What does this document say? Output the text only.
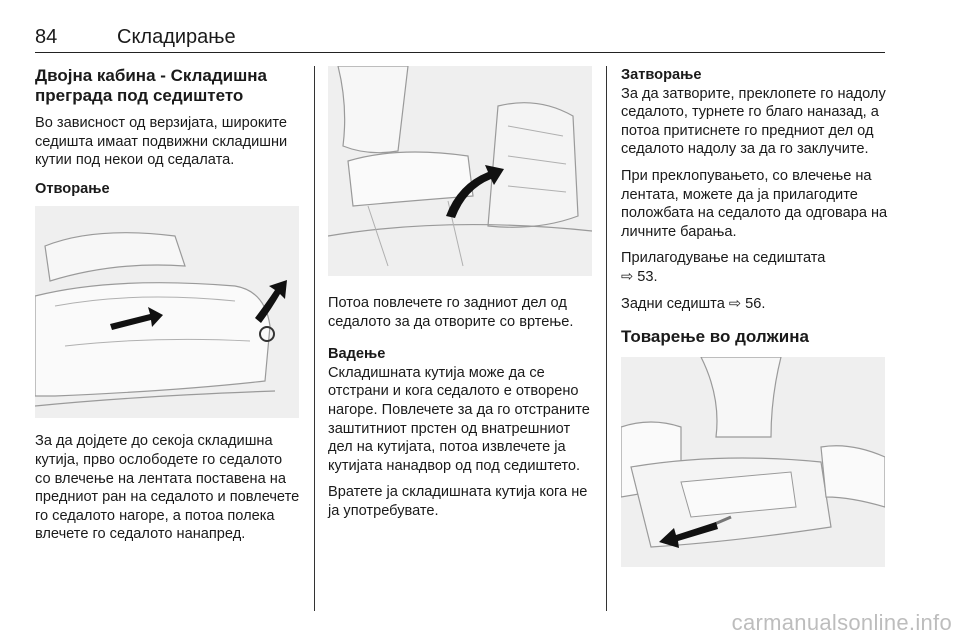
84	Складирање
Двојна кабина - Складишна преграда под седиштето

Во зависност од верзијата, широките седишта имаат подвижни складишни кутии под некои од седалата.

Отворање

За да дојдете до секоја складишна кутија, прво ослободете го седалото со влечење на лентата поставена на предниот ран на седалото и повлечете го седалото нагоре, а потоа полека влечете го седалото нанапред.

Потоа повлечете го задниот дел од седалото за да отворите со вртење.

Вадење

Складишната кутија може да се отстрани и кога седалото е отворено нагоре. Повлечете за да го отстраните заштитниот прстен од внатрешниот дел на кутијата, потоа извлечете ја кутијата нанадвор од под седиштето.

Вратете ја складишната кутија кога не ја употребувате.

Затворање

За да затворите, преклопете го надолу седалото, турнете го благо наназад, а потоа притиснете го предниот дел од седалото надолу за да го заклучите.

При преклопувањето, со влечење на лентата, можете да ја прилагодите положбата на седалото да одговара на личните барања.

Прилагодување на седиштата
⇨ 53.

Задни седишта ⇨ 56.

Товарење во должина
carmanualsonline.info
